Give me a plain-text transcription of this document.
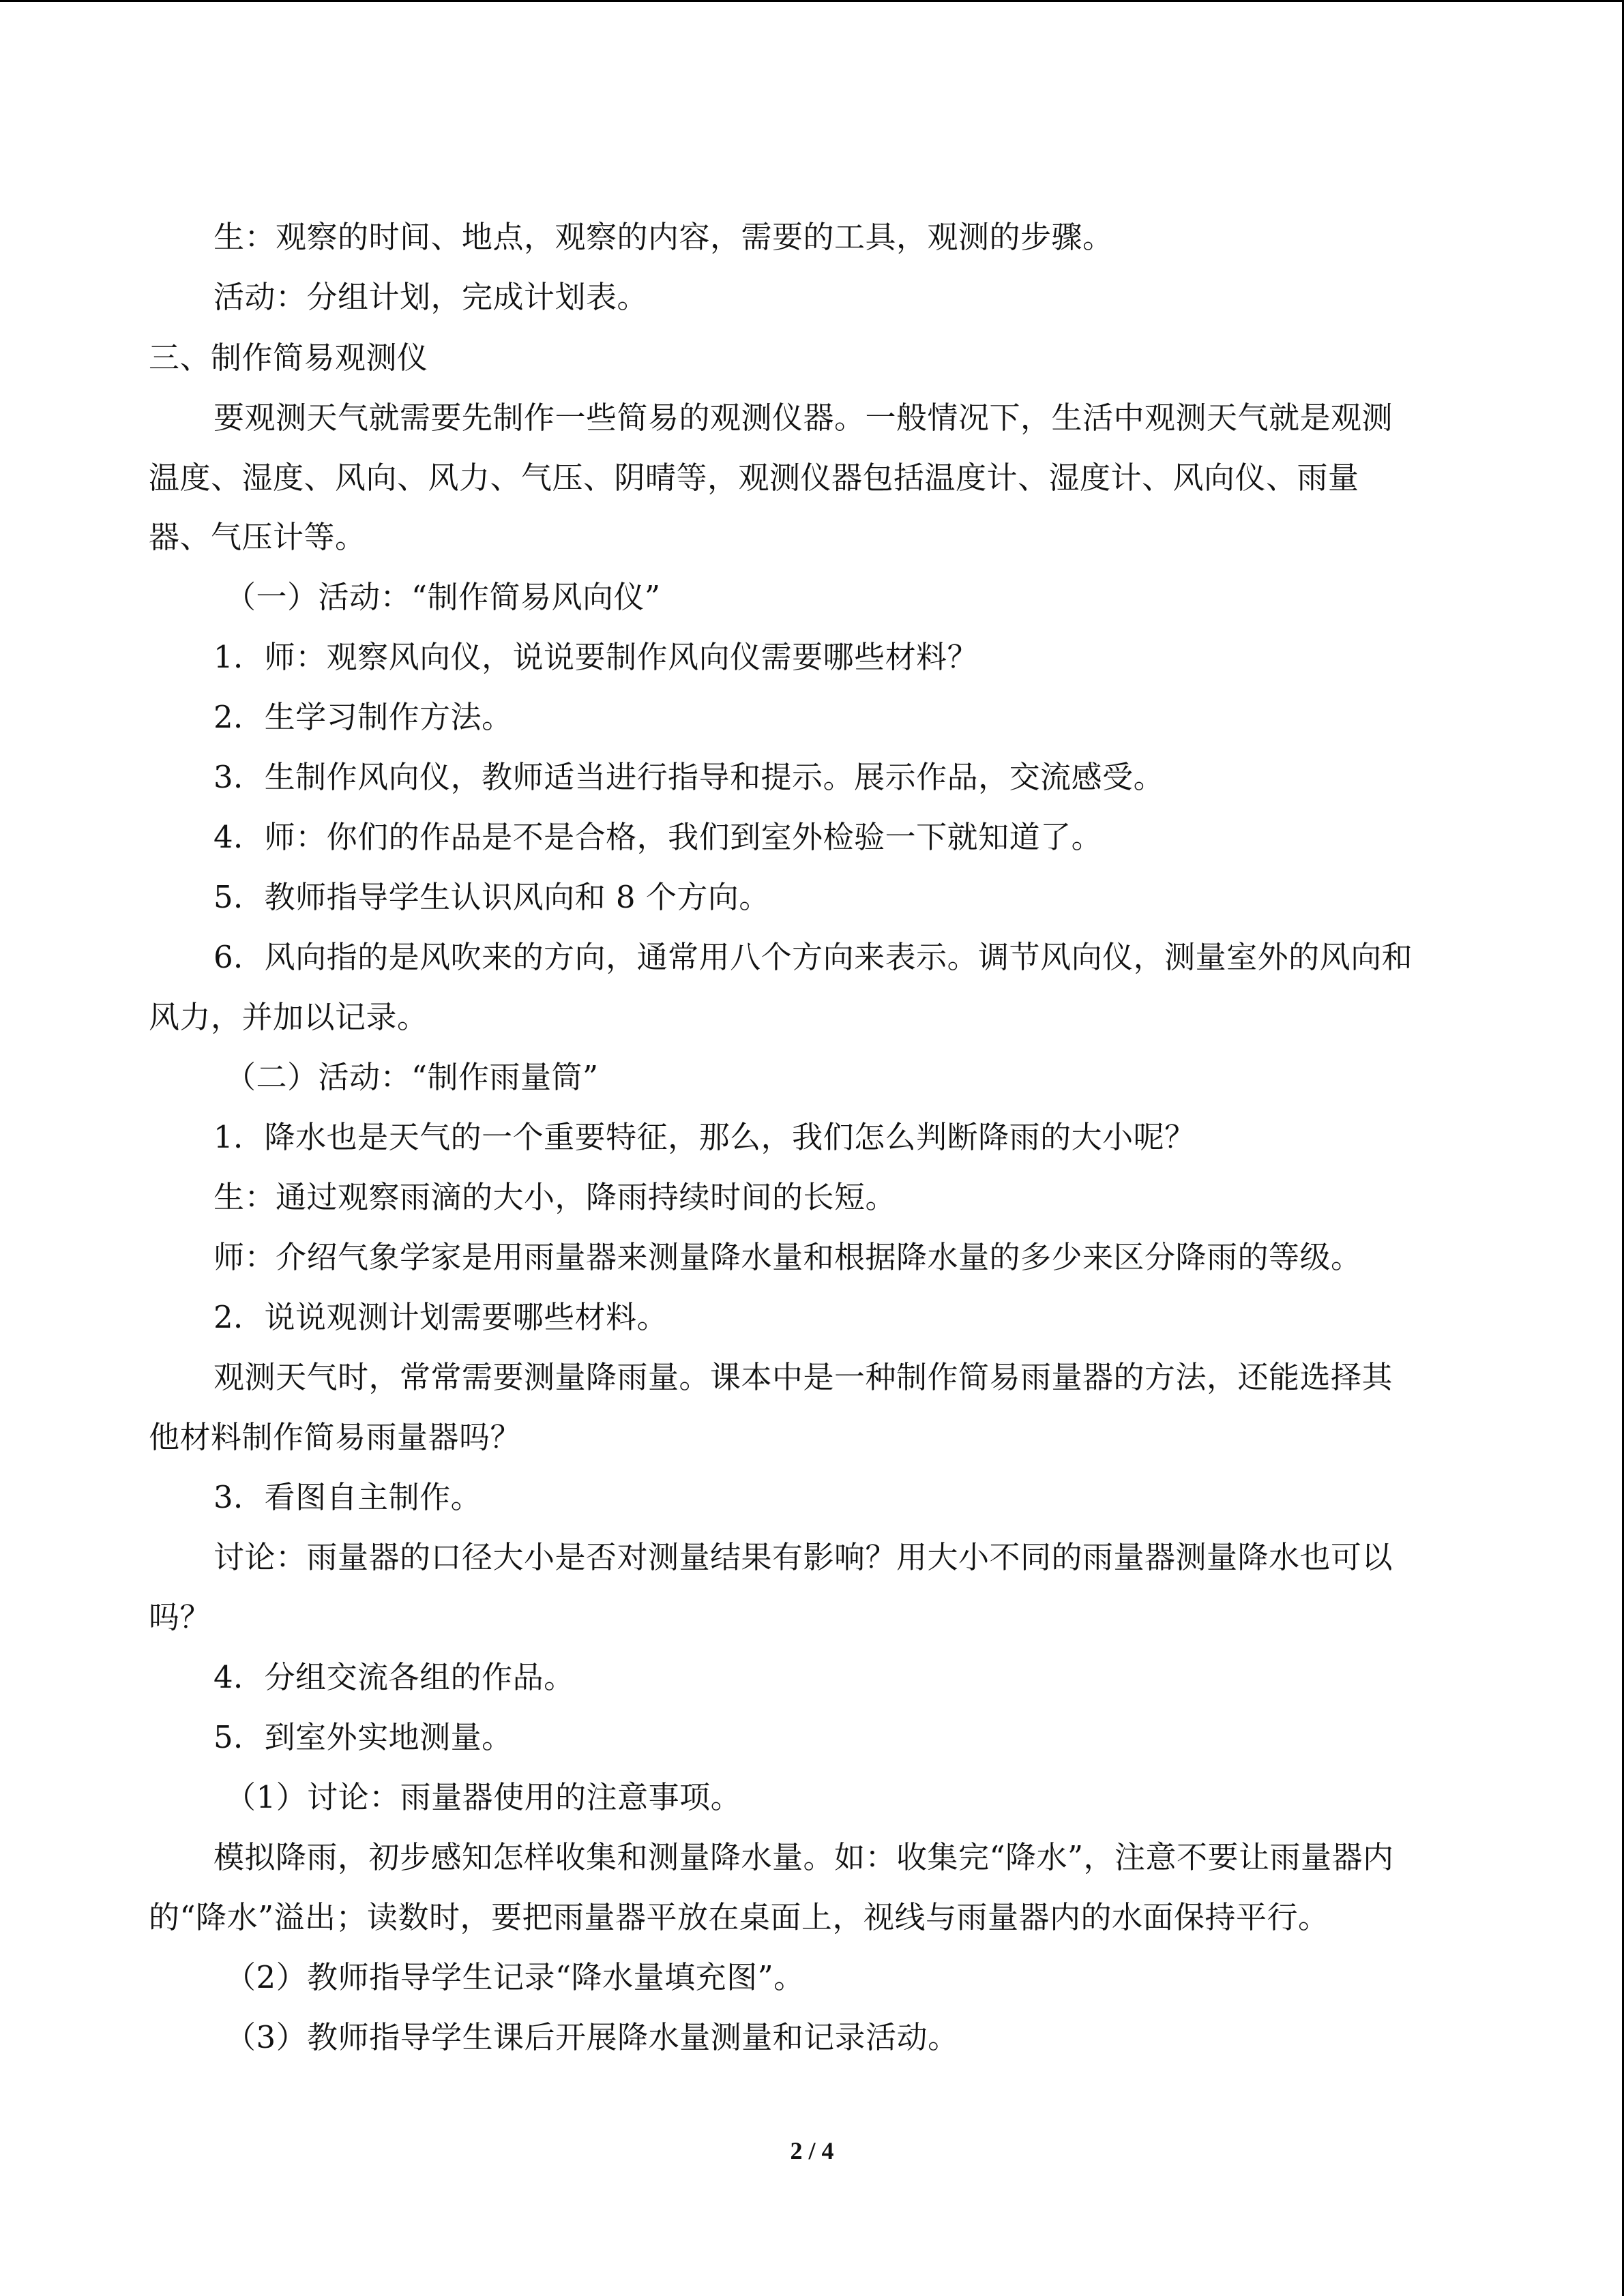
生：观察的时间、地点，观察的内容，需要的工具，观测的步骤。
活动：分组计划，完成计划表。
三、制作简易观测仪
要观测天气就需要先制作一些简易的观测仪器。一般情况下，生活中观测天气就是观测
温度、湿度、风向、风力、气压、阴晴等，观测仪器包括温度计、湿度计、风向仪、雨量
器、气压计等。
（一）活动：“制作简易风向仪”
1．师：观察风向仪，说说要制作风向仪需要哪些材料？
2．生学习制作方法。
3．生制作风向仪，教师适当进行指导和提示。展示作品，交流感受。
4．师：你们的作品是不是合格，我们到室外检验一下就知道了。
5．教师指导学生认识风向和 8 个方向。
6．风向指的是风吹来的方向，通常用八个方向来表示。调节风向仪，测量室外的风向和
风力，并加以记录。
（二）活动：“制作雨量筒”
1．降水也是天气的一个重要特征，那么，我们怎么判断降雨的大小呢？
生：通过观察雨滴的大小，降雨持续时间的长短。
师：介绍气象学家是用雨量器来测量降水量和根据降水量的多少来区分降雨的等级。
2．说说观测计划需要哪些材料。
观测天气时，常常需要测量降雨量。课本中是一种制作简易雨量器的方法，还能选择其
他材料制作简易雨量器吗？
3．看图自主制作。
讨论：雨量器的口径大小是否对测量结果有影响？用大小不同的雨量器测量降水也可以
吗？
4．分组交流各组的作品。
5．到室外实地测量。
（1）讨论：雨量器使用的注意事项。
模拟降雨，初步感知怎样收集和测量降水量。如：收集完“降水”，注意不要让雨量器内
的“降水”溢出；读数时，要把雨量器平放在桌面上，视线与雨量器内的水面保持平行。
（2）教师指导学生记录“降水量填充图”。
（3）教师指导学生课后开展降水量测量和记录活动。
2 / 4
